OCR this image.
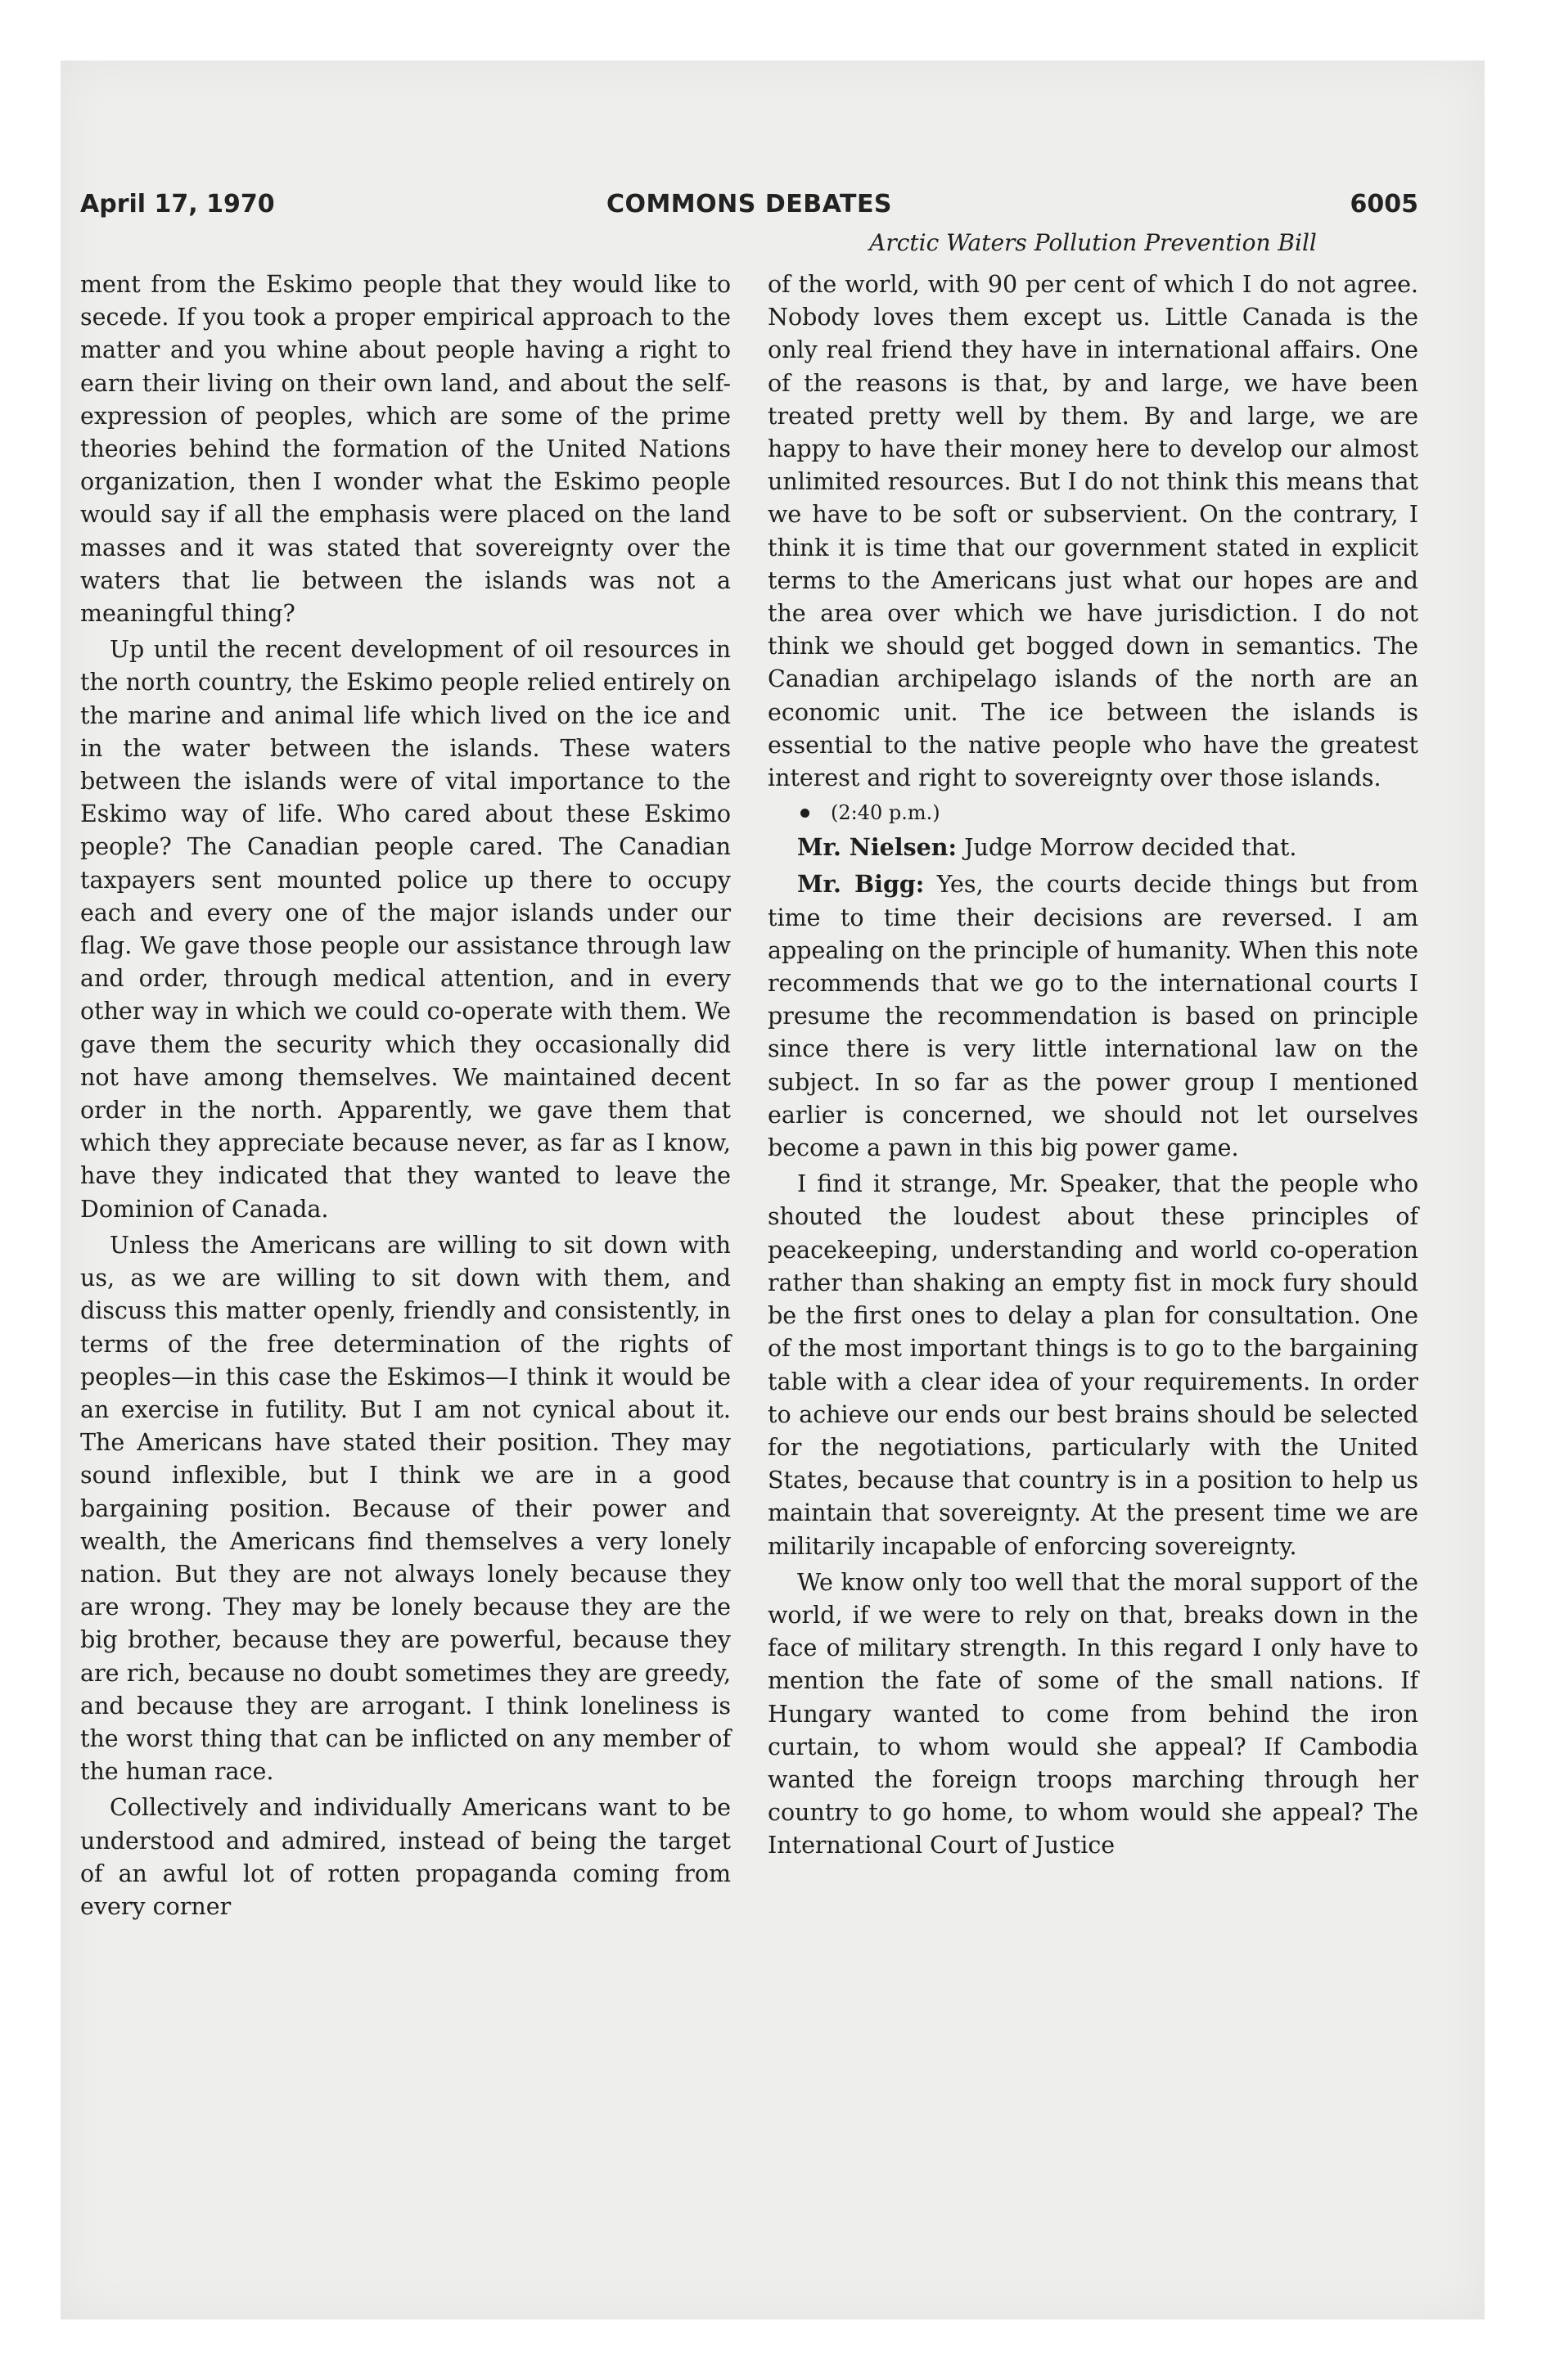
April 17, 1970	COMMONS DEBATES	6005
Arctic Waters Pollution Prevention Bill

ment from the Eskimo people that they would like to secede. If you took a proper empirical approach to the matter and you whine about people having a right to earn their living on their own land, and about the self-expression of peoples, which are some of the prime theories behind the formation of the United Nations organization, then I wonder what the Eskimo people would say if all the emphasis were placed on the land masses and it was stated that sovereignty over the waters that lie between the islands was not a meaningful thing?

Up until the recent development of oil resources in the north country, the Eskimo people relied entirely on the marine and animal life which lived on the ice and in the water between the islands. These waters between the islands were of vital importance to the Eskimo way of life. Who cared about these Eskimo people? The Canadian people cared. The Canadian taxpayers sent mounted police up there to occupy each and every one of the major islands under our flag. We gave those people our assistance through law and order, through medical attention, and in every other way in which we could co-operate with them. We gave them the security which they occasionally did not have among themselves. We maintained decent order in the north. Apparently, we gave them that which they appreciate because never, as far as I know, have they indicated that they wanted to leave the Dominion of Canada.

Unless the Americans are willing to sit down with us, as we are willing to sit down with them, and discuss this matter openly, friendly and consistently, in terms of the free determination of the rights of peoples—in this case the Eskimos—I think it would be an exercise in futility. But I am not cynical about it. The Americans have stated their position. They may sound inflexible, but I think we are in a good bargaining position. Because of their power and wealth, the Americans find themselves a very lonely nation. But they are not always lonely because they are wrong. They may be lonely because they are the big brother, because they are powerful, because they are rich, because no doubt sometimes they are greedy, and because they are arrogant. I think loneliness is the worst thing that can be inflicted on any member of the human race.

Collectively and individually Americans want to be understood and admired, instead of being the target of an awful lot of rotten propaganda coming from every corner

of the world, with 90 per cent of which I do not agree. Nobody loves them except us. Little Canada is the only real friend they have in international affairs. One of the reasons is that, by and large, we have been treated pretty well by them. By and large, we are happy to have their money here to develop our almost unlimited resources. But I do not think this means that we have to be soft or subservient. On the contrary, I think it is time that our government stated in explicit terms to the Americans just what our hopes are and the area over which we have jurisdiction. I do not think we should get bogged down in semantics. The Canadian archipelago islands of the north are an economic unit. The ice between the islands is essential to the native people who have the greatest interest and right to sovereignty over those islands.

(2:40 p.m.)

Mr. Nielsen: Judge Morrow decided that.

Mr. Bigg: Yes, the courts decide things but from time to time their decisions are reversed. I am appealing on the principle of humanity. When this note recommends that we go to the international courts I presume the recommendation is based on principle since there is very little international law on the subject. In so far as the power group I mentioned earlier is concerned, we should not let ourselves become a pawn in this big power game.

I find it strange, Mr. Speaker, that the people who shouted the loudest about these principles of peacekeeping, understanding and world co-operation rather than shaking an empty fist in mock fury should be the first ones to delay a plan for consultation. One of the most important things is to go to the bargaining table with a clear idea of your requirements. In order to achieve our ends our best brains should be selected for the negotiations, particularly with the United States, because that country is in a position to help us maintain that sovereignty. At the present time we are militarily incapable of enforcing sovereignty.

We know only too well that the moral support of the world, if we were to rely on that, breaks down in the face of military strength. In this regard I only have to mention the fate of some of the small nations. If Hungary wanted to come from behind the iron curtain, to whom would she appeal? If Cambodia wanted the foreign troops marching through her country to go home, to whom would she appeal? The International Court of Justice
